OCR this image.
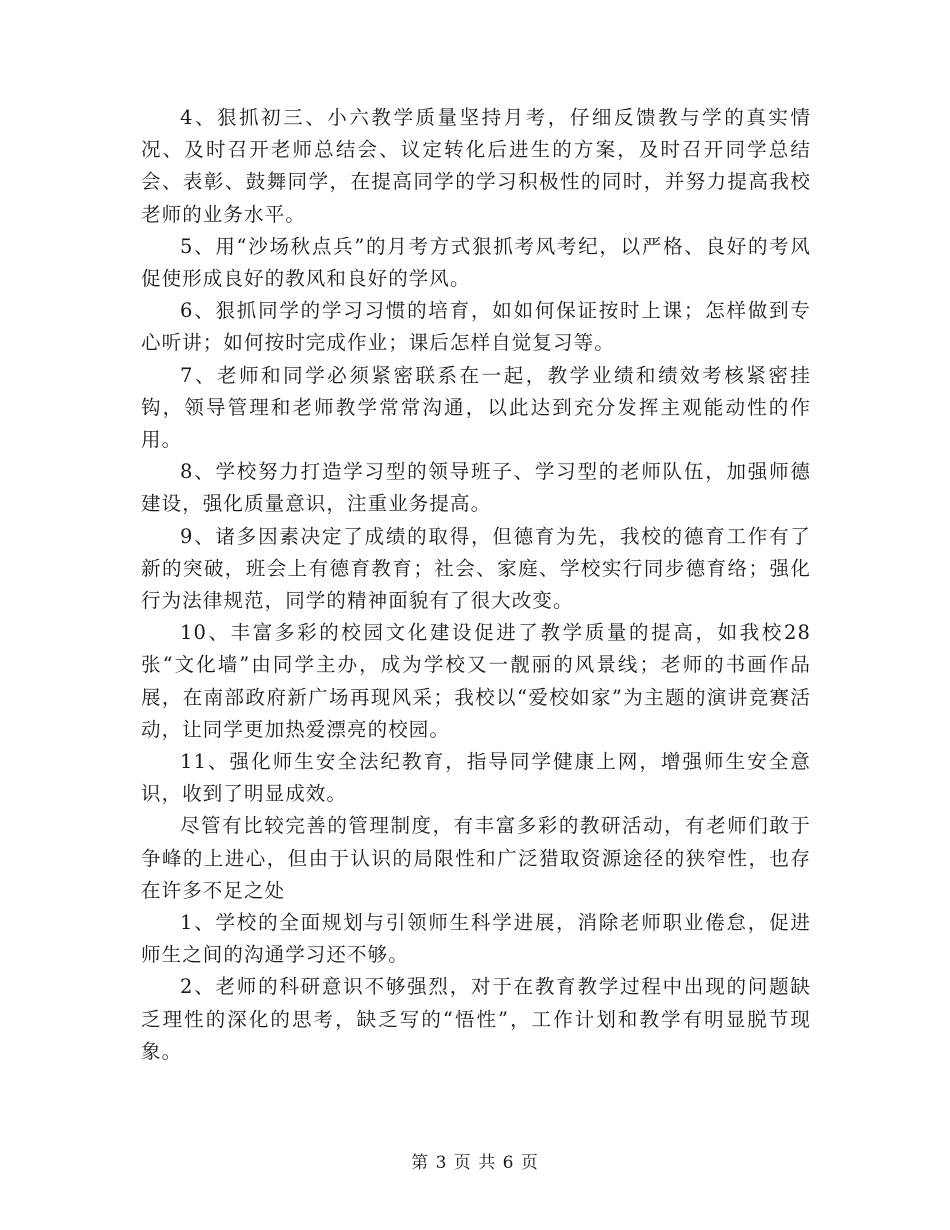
4、狠抓初三、小六教学质量坚持月考，仔细反馈教与学的真实情况、及时召开老师总结会、议定转化后进生的方案，及时召开同学总结会、表彰、鼓舞同学，在提高同学的学习积极性的同时，并努力提高我校老师的业务水平。

5、用“沙场秋点兵”的月考方式狠抓考风考纪，以严格、良好的考风促使形成良好的教风和良好的学风。

6、狠抓同学的学习习惯的培育，如如何保证按时上课；怎样做到专心听讲；如何按时完成作业；课后怎样自觉复习等。

7、老师和同学必须紧密联系在一起，教学业绩和绩效考核紧密挂钩，领导管理和老师教学常常沟通，以此达到充分发挥主观能动性的作用。

8、学校努力打造学习型的领导班子、学习型的老师队伍，加强师德建设，强化质量意识，注重业务提高。

9、诸多因素决定了成绩的取得，但德育为先，我校的德育工作有了新的突破，班会上有德育教育；社会、家庭、学校实行同步德育络；强化行为法律规范，同学的精神面貌有了很大改变。

10、丰富多彩的校园文化建设促进了教学质量的提高，如我校28张“文化墙”由同学主办，成为学校又一靓丽的风景线；老师的书画作品展，在南部政府新广场再现风采；我校以“爱校如家”为主题的演讲竞赛活动，让同学更加热爱漂亮的校园。

11、强化师生安全法纪教育，指导同学健康上网，增强师生安全意识，收到了明显成效。

尽管有比较完善的管理制度，有丰富多彩的教研活动，有老师们敢于争峰的上进心，但由于认识的局限性和广泛猎取资源途径的狭窄性，也存在许多不足之处

1、学校的全面规划与引领师生科学进展，消除老师职业倦怠，促进师生之间的沟通学习还不够。

2、老师的科研意识不够强烈，对于在教育教学过程中出现的问题缺乏理性的深化的思考，缺乏写的“悟性”，工作计划和教学有明显脱节现象。

第 3 页 共 6 页
